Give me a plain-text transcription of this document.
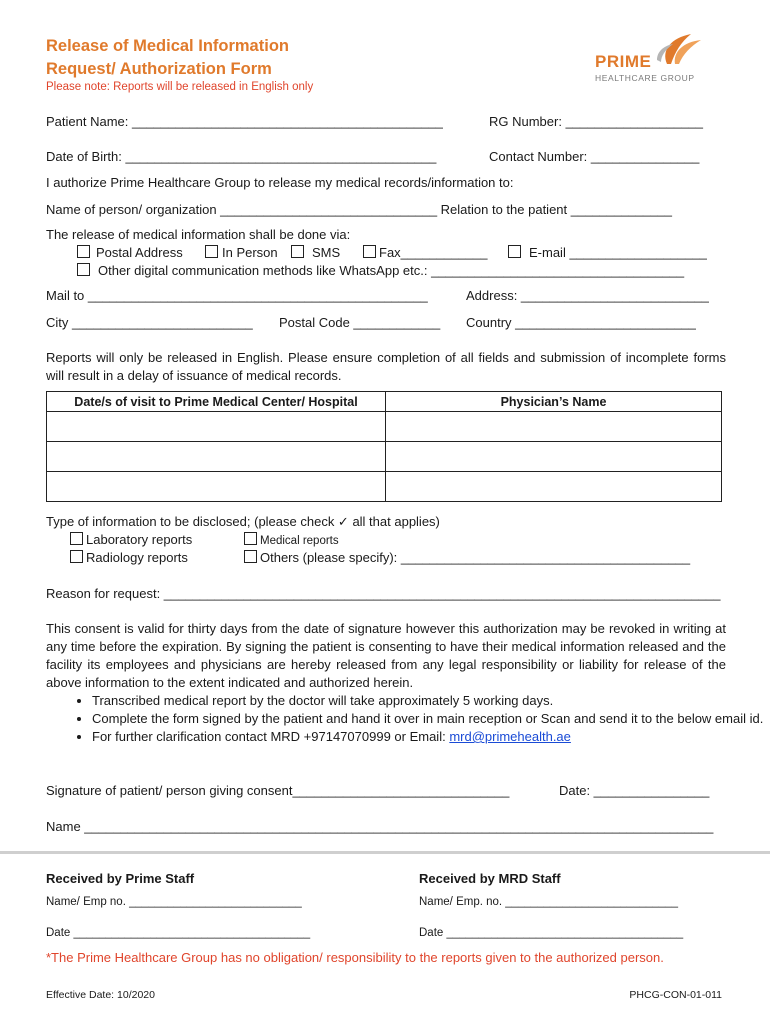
Release of Medical Information
Request/ Authorization Form
Please note: Reports will be released in English only
PRIME
HEALTHCARE GROUP
Patient Name: ___________________________________________	RG Number: ___________________
Date of Birth: ___________________________________________	Contact Number: _______________
I authorize Prime Healthcare Group to release my medical records/information to:
Name of person/ organization ______________________________ Relation to the patient ______________
The release of medical information shall be done via:
Postal Address	In Person	SMS	Fax____________	E-mail ___________________
Other digital communication methods like WhatsApp etc.: ___________________________________
Mail to _______________________________________________	Address: __________________________
City _________________________ Postal Code ____________ Country _________________________
Reports will only be released in English. Please ensure completion of all fields and submission of incomplete forms will result in a delay of issuance of medical records.
Date/s of visit to Prime Medical Center/ Hospital	Physician’s Name

Type of information to be disclosed; (please check ✓ all that applies)
Laboratory reports	Medical reports
Radiology reports	Others (please specify): ________________________________________
Reason for request: _____________________________________________________________________________
This consent is valid for thirty days from the date of signature however this authorization may be revoked in writing at any time before the expiration. By signing the patient is consenting to have their medical information released and the facility its employees and physicians are hereby released from any legal responsibility or liability for release of the above information to the extent indicated and authorized herein.
• Transcribed medical report by the doctor will take approximately 5 working days.
• Complete the form signed by the patient and hand it over in main reception or Scan and send it to the below email id.
• For further clarification contact MRD +97147070999 or Email: mrd@primehealth.ae
Signature of patient/ person giving consent______________________________	Date: ________________
Name _______________________________________________________________________________________
Received by Prime Staff
Name/ Emp no. ___________________________
Date _____________________________________
Received by MRD Staff
Name/ Emp. no. ___________________________
Date _____________________________________
*The Prime Healthcare Group has no obligation/ responsibility to the reports given to the authorized person.
Effective Date: 10/2020	PHCG-CON-01-011
